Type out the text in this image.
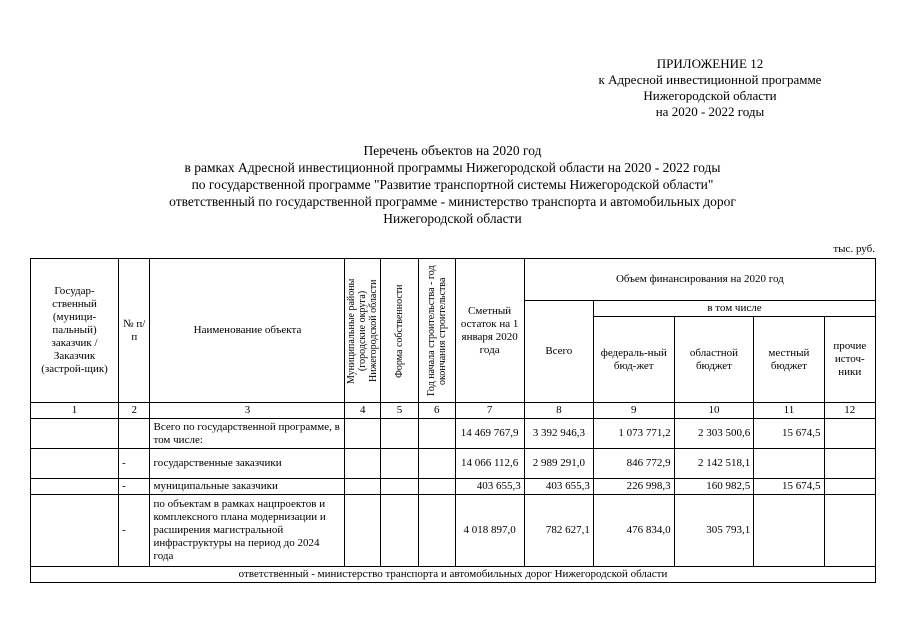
ПРИЛОЖЕНИЕ 12
к Адресной инвестиционной программе
Нижегородской области
на 2020 - 2022 годы
Перечень объектов на 2020 год
в рамках Адресной инвестиционной программы Нижегородской области на 2020 - 2022 годы
по государственной программе "Развитие транспортной системы Нижегородской области"
ответственный по государственной программе - министерство транспорта и автомобильных дорог
Нижегородской области
тыс. руб.
Государ-ственный (муници-пальный) заказчик / Заказчик (застрой-щик)	№ п/п	Наименование объекта	Муниципальные районы (городские округа) Нижегородской области	Форма собственности	Год начала строительства - год окончания строительства	Сметный остаток на 1 января 2020 года	Объем финансирования на 2020 год				
							Всего	в том числе			
								федераль-ный бюд-жет	областной бюджет	местный бюджет	прочие источ-ники
1	2	3	4	5	6	7	8	9	10	11	12
		Всего по государственной программе, в том числе:				14 469 767,9	3 392 946,3	1 073 771,2	2 303 500,6	15 674,5	
	-	государственные заказчики				14 066 112,6	2 989 291,0	846 772,9	2 142 518,1		
	-	муниципальные заказчики				403 655,3	403 655,3	226 998,3	160 982,5	15 674,5	
	-	по объектам в рамках нацпроектов и комплексного плана модернизации и расширения магистральной инфраструктуры на период до 2024 года				4 018 897,0	782 627,1	476 834,0	305 793,1		
ответственный - министерство транспорта и автомобильных дорог Нижегородской области											
